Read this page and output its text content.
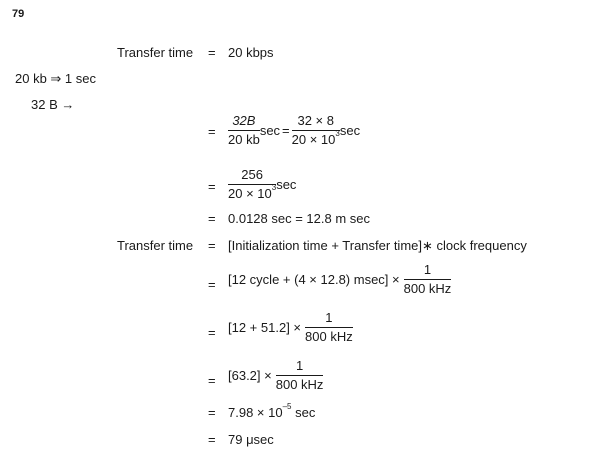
79
Transfer time = 20 kbps
20 kb ⇒ 1 sec
32 B →
= $\frac{32B}{20 kb}$ $\sec = \frac{32 \times 8}{20 \times 10^3}$ sec
= $\frac{256}{20 \times 10^3}$ sec
= 0.0128 sec = 12.8 m sec
Transfer time = [Initialization time + Transfer time]∗ clock frequency
= [12 cycle + (4 × 12.8) $msec] \times \frac{1}{\text{800 kHz}}$
= $[12 + 51.2] \times \frac{1}{\text{800 kHz}}$
= $[63.2] \times \frac{1}{\text{800 kHz}}$
= $7.98 \times 10^{-5}$ sec
= 79 μsec
